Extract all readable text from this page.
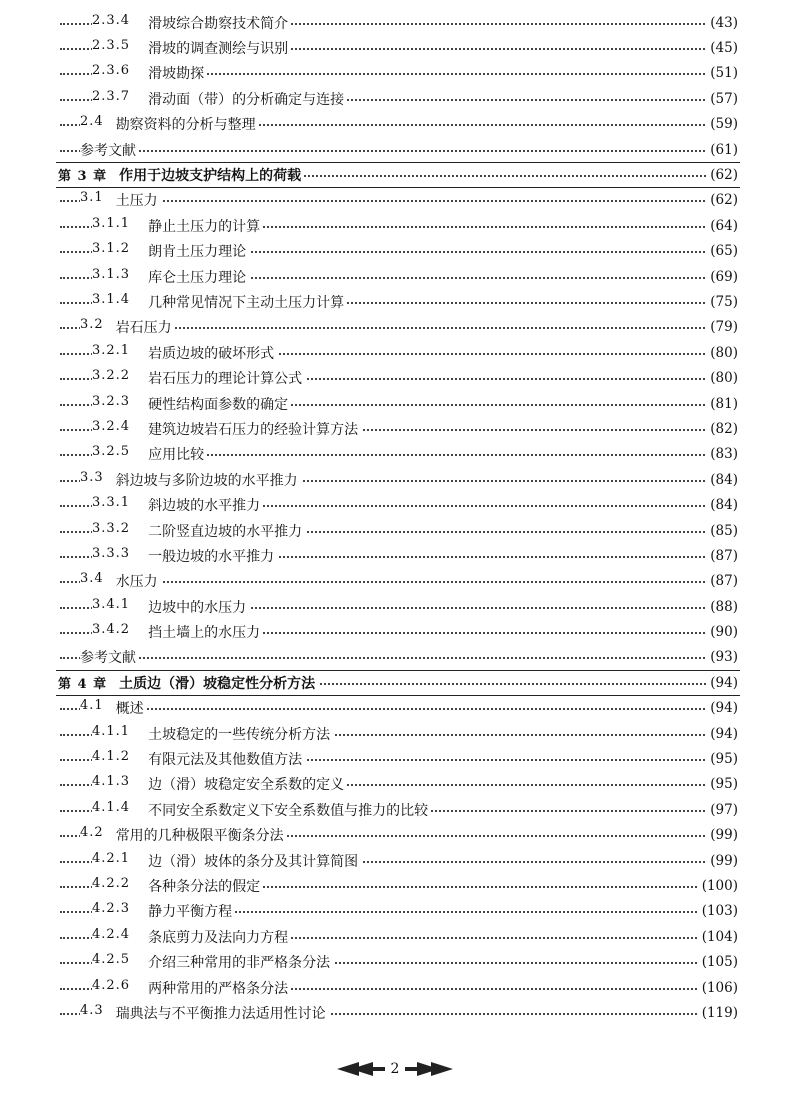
2.3.4 滑坡综合勘察技术简介	(43)
2.3.5 滑坡的调查测绘与识别	(45)
2.3.6 滑坡勘探	(51)
2.3.7 滑动面（带）的分析确定与连接	(57)
2.4 勘察资料的分析与整理	(59)
参考文献	(61)
第 3 章 作用于边坡支护结构上的荷载	(62)
3.1 土压力	(62)
3.1.1 静止土压力的计算	(64)
3.1.2 朗肯土压力理论	(65)
3.1.3 库仑土压力理论	(69)
3.1.4 几种常见情况下主动土压力计算	(75)
3.2 岩石压力	(79)
3.2.1 岩质边坡的破坏形式	(80)
3.2.2 岩石压力的理论计算公式	(80)
3.2.3 硬性结构面参数的确定	(81)
3.2.4 建筑边坡岩石压力的经验计算方法	(82)
3.2.5 应用比较	(83)
3.3 斜边坡与多阶边坡的水平推力	(84)
3.3.1 斜边坡的水平推力	(84)
3.3.2 二阶竖直边坡的水平推力	(85)
3.3.3 一般边坡的水平推力	(87)
3.4 水压力	(87)
3.4.1 边坡中的水压力	(88)
3.4.2 挡土墙上的水压力	(90)
参考文献	(93)
第 4 章 土质边（滑）坡稳定性分析方法	(94)
4.1 概述	(94)
4.1.1 土坡稳定的一些传统分析方法	(94)
4.1.2 有限元法及其他数值方法	(95)
4.1.3 边（滑）坡稳定安全系数的定义	(95)
4.1.4 不同安全系数定义下安全系数值与推力的比较	(97)
4.2 常用的几种极限平衡条分法	(99)
4.2.1 边（滑）坡体的条分及其计算简图	(99)
4.2.2 各种条分法的假定	(100)
4.2.3 静力平衡方程	(103)
4.2.4 条底剪力及法向力方程	(104)
4.2.5 介绍三种常用的非严格条分法	(105)
4.2.6 两种常用的严格条分法	(106)
4.3 瑞典法与不平衡推力法适用性讨论	(119)
2
